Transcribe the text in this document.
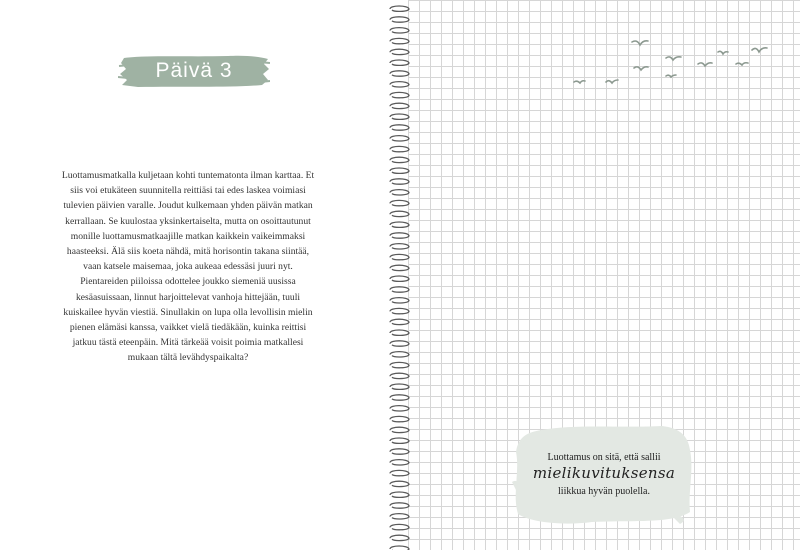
Päivä 3

Luottamusmatkalla kuljetaan kohti tuntematonta ilman karttaa. Et siis voi etukäteen suunnitella reittiäsi tai edes laskea voimiasi tulevien päivien varalle. Joudut kulkemaan yhden päivän matkan kerrallaan. Se kuulostaa yksinkertaiselta, mutta on osoittautunut monille luottamusmatkaajille matkan kaikkein vaikeimmaksi haasteeksi. Älä siis koeta nähdä, mitä horisontin takana siintää, vaan katsele maisemaa, joka aukeaa edessäsi juuri nyt. Pientareiden piiloissa odottelee joukko siemeniä uusissa kesäasuissaan, linnut harjoittelevat vanhoja hittejään, tuuli kuiskailee hyvän viestiä. Sinullakin on lupa olla levollisin mielin pienen elämäsi kanssa, vaikket vielä tiedäkään, kuinka reittisi jatkuu tästä eteenpäin. Mitä tärkeää voisit poimia matkallesi mukaan tältä levähdyspaikalta?

Luottamus on sitä, että sallii
mielikuvituksensa
liikkua hyvän puolella.
